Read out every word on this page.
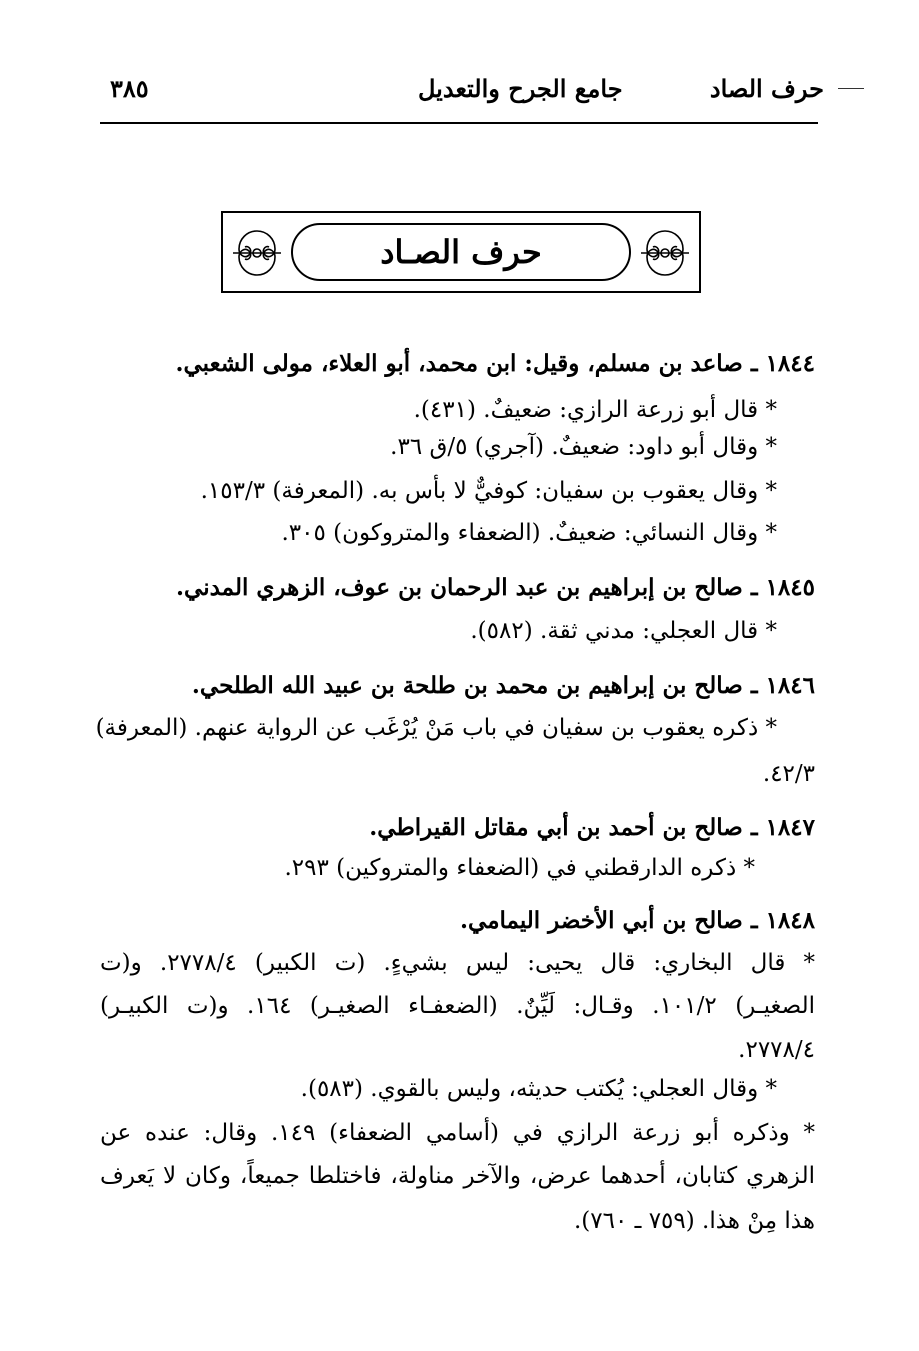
حرف الصاد
جامع الجرح والتعديل
٣٨٥
حرف الصـاد
١٨٤٤ ـ صاعد بن مسلم، وقيل: ابن محمد، أبو العلاء، مولى الشعبي.
* قال أبو زرعة الرازي: ضعيفٌ. (٤٣١).
* وقال أبو داود: ضعيفٌ. (آجري) ٥/ق ٣٦.
* وقال يعقوب بن سفيان: كوفيٌّ لا بأس به. (المعرفة) ١٥٣/٣.
* وقال النسائي: ضعيفٌ. (الضعفاء والمتروكون) ٣٠٥.
١٨٤٥ ـ صالح بن إبراهيم بن عبد الرحمان بن عوف، الزهري المدني.
* قال العجلي: مدني ثقة. (٥٨٢).
١٨٤٦ ـ صالح بن إبراهيم بن محمد بن طلحة بن عبيد الله الطلحي.
* ذكره يعقوب بن سفيان في باب مَنْ يُرْغَب عن الرواية عنهم. (المعرفة)
٤٢/٣.
١٨٤٧ ـ صالح بن أحمد بن أبي مقاتل القيراطي.
* ذكره الدارقطني في (الضعفاء والمتروكين) ٢٩٣.
١٨٤٨ ـ صالح بن أبي الأخضر اليمامي.
* قال البخاري: قال يحيى: ليس بشيءٍ. (ت الكبير) ٢٧٧٨/٤. و(ت
الصغيـر) ١٠١/٢. وقـال: لَيِّنٌ. (الضعفـاء الصغيـر) ١٦٤. و(ت الكبيـر)
٢٧٧٨/٤.
* وقال العجلي: يُكتب حديثه، وليس بالقوي. (٥٨٣).
* وذكره أبو زرعة الرازي في (أسامي الضعفاء) ١٤٩. وقال: عنده عن
الزهري كتابان، أحدهما عرض، والآخر مناولة، فاختلطا جميعاً، وكان لا يَعرف
هذا مِنْ هذا. (٧٥٩ ـ ٧٦٠).
